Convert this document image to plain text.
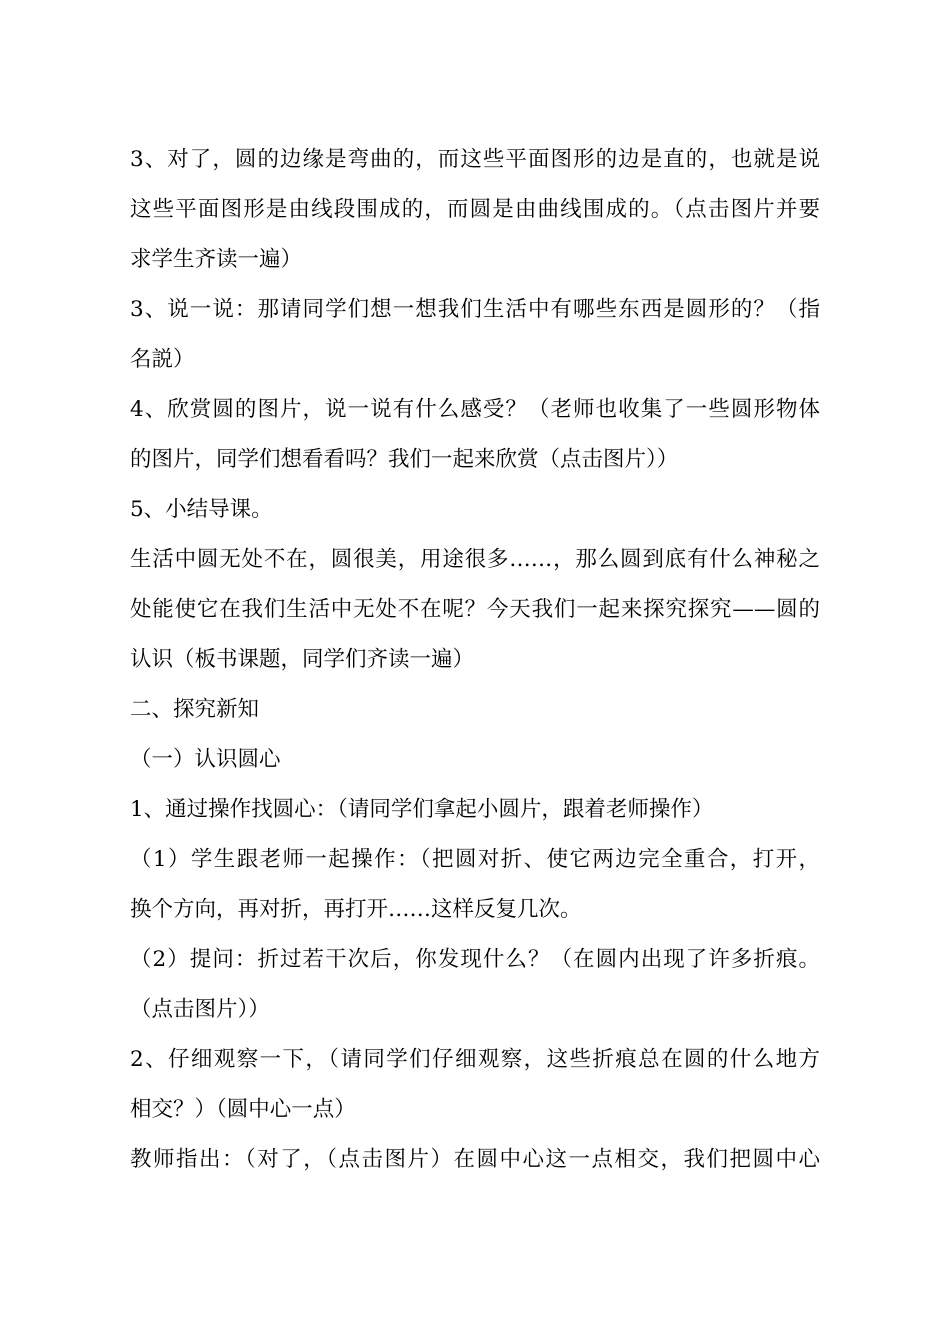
3、对了，圆的边缘是弯曲的，而这些平面图形的边是直的，也就是说
这些平面图形是由线段围成的，而圆是由曲线围成的。（点击图片并要
求学生齐读一遍）
3、说一说：那请同学们想一想我们生活中有哪些东西是圆形的？（指
名説）
4、欣赏圆的图片，说一说有什么感受？（老师也收集了一些圆形物体
的图片，同学们想看看吗？我们一起来欣赏（点击图片））
5、小结导课。
生活中圆无处不在，圆很美，用途很多……，那么圆到底有什么神秘之
处能使它在我们生活中无处不在呢？今天我们一起来探究探究——圆的
认识（板书课题，同学们齐读一遍）
二、探究新知
（一）认识圆心
1、通过操作找圆心：（请同学们拿起小圆片，跟着老师操作）
（1）学生跟老师一起操作：（把圆对折、使它两边完全重合，打开，
换个方向，再对折，再打开……这样反复几次。
（2）提问：折过若干次后，你发现什么？（在圆内出现了许多折痕。
（点击图片））
2、仔细观察一下，（请同学们仔细观察，这些折痕总在圆的什么地方
相交？）（圆中心一点）
教师指出：（对了，（点击图片）在圆中心这一点相交，我们把圆中心
